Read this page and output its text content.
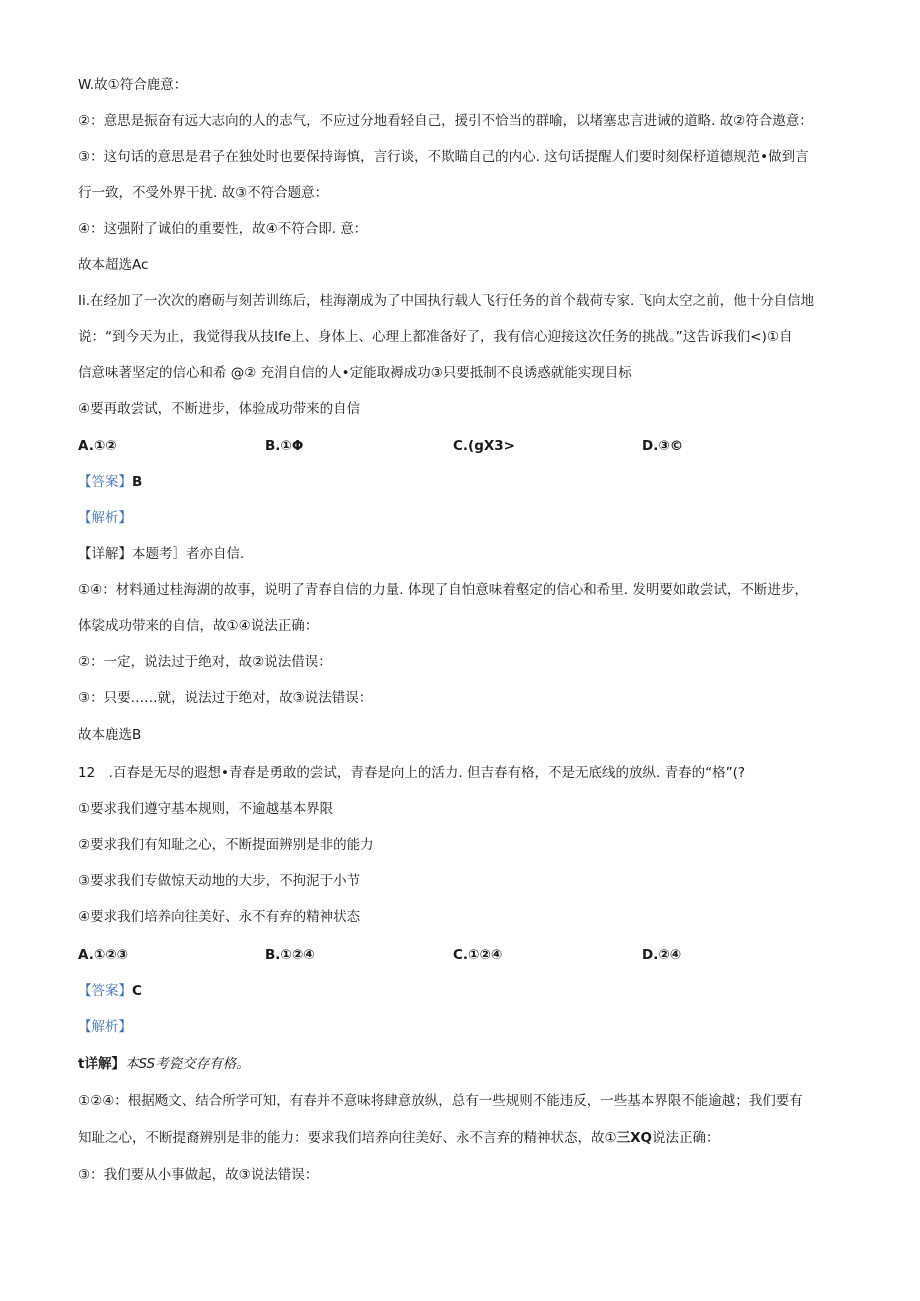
W.故①符合鹿意：
②：意思是振奋有远大志向的人的志气，不应过分地看轻自己，援引不恰当的群喻，以堵塞忠言进诫的道略. 故②符合遨意：
③：这句话的意思是君子在独处时也要保持诲慎，言行谈，不欺瞄自己的内心. 这句话提醒人们要时刻保杼道德规范•做到言
行一致，不受外界干扰. 故③不符合题意：
④：这强附了诚伯的重要性，故④不符合即. 意：
故本超选Ac
Ii.在经加了一次次的磨砺与刻苦训练后，桂海潮成为了中国执行载人飞行任务的首个载荷专家. 飞向太空之前，他十分自信地
说：“到今天为止，我觉得我从技Ife上、身体上、心理上都准备好了，我有信心迎接这次任务的挑战。”这告诉我们<)①自
信意味著坚定的信心和希 @② 充涓自信的人•定能取褥成功③只要抵制不良诱惑就能实现目标
④要再敢尝试，不断进步，体验成功带来的自信
A.①②	B.①Φ	C.(gX3>	D.③©
【答案】B
【解析】
【详解】本题考］者亦自信.
①④：材料通过桂海湖的故事，说明了青春自信的力量. 体现了自怕意味着壑定的信心和希里. 发明要如敢尝试，不断进步，
体裟成功带来的自信，故①④说法正确：
②：一定，说法过于绝对，故②说法借误：
③：只要……就，说法过于绝对，故③说法错误：
故本鹿选B
12　.百春是无尽的遐想•青春是勇敢的尝试，青春是向上的活力. 但吉春有格，不是无底线的放纵. 青春的“格”(?
①要求我们遵守基本规则，不逾越基本界限
②要求我们有知耻之心，不断提面辨别是非的能力
③要求我们专做惊天动地的大步，不拘泥于小节
④要求我们培养向往美好、永不有弃的精神状态
A.①②③	B.①②④	C.①②④	D.②④
【答案】C
【解析】
t详解】本SS考瓷交存有格。
①②④：根据飏文、结合所学可知，有春并不意味将肆意放纵，总有一些规则不能违反，一些基本界限不能逾越；我们要有
知耻之心，不断提裔辨别是非的能力：要求我们培养向往美好、永不言弃的精神状态，故①三XQ说法正确：
③：我们要从小事做起，故③说法错误：
